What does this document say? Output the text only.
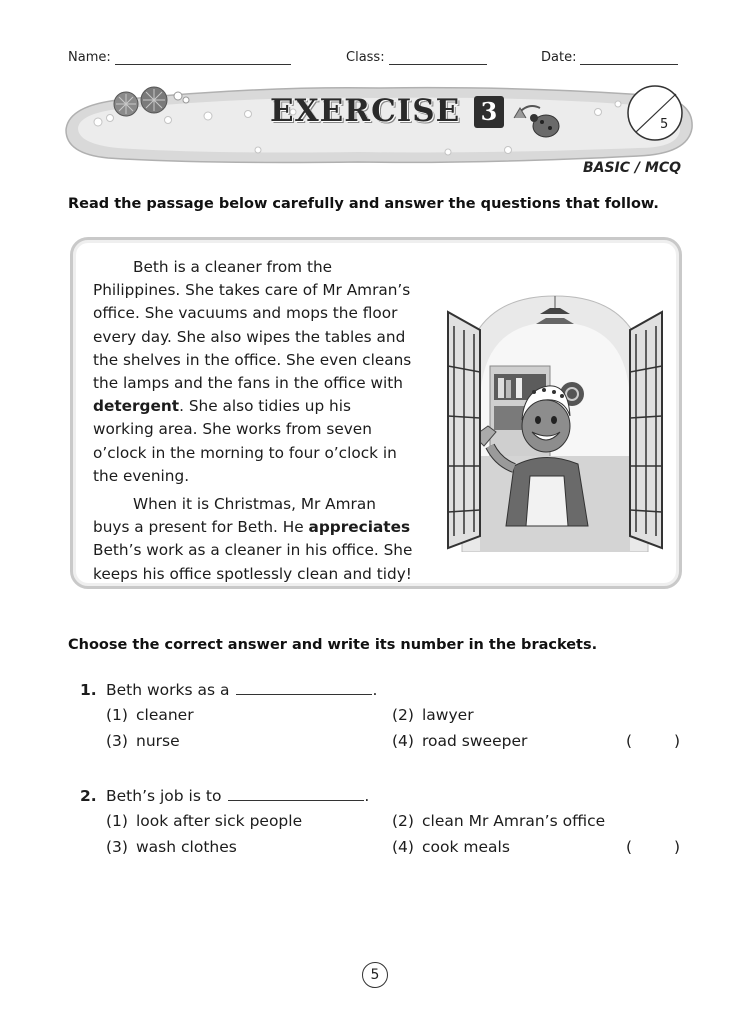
Name:	Class:	Date:
EXERCISE 3	5
BASIC / MCQ
Read the passage below carefully and answer the questions that follow.

Beth is a cleaner from the Philippines. She takes care of Mr Amran’s office. She vacuums and mops the floor every day. She also wipes the tables and the shelves in the office. She even cleans the lamps and the fans in the office with detergent. She also tidies up his working area. She works from seven o’clock in the morning to four o’clock in the evening.

When it is Christmas, Mr Amran buys a present for Beth. He appreciates Beth’s work as a cleaner in his office. She keeps his office spotlessly clean and tidy!

Choose the correct answer and write its number in the brackets.
1. Beth works as a	.
(1) cleaner	(2) lawyer
(3) nurse	(4) road sweeper	(	)
2. Beth’s job is to	.
(1) look after sick people	(2) clean Mr Amran’s office
(3) wash clothes	(4) cook meals	(	)
5
